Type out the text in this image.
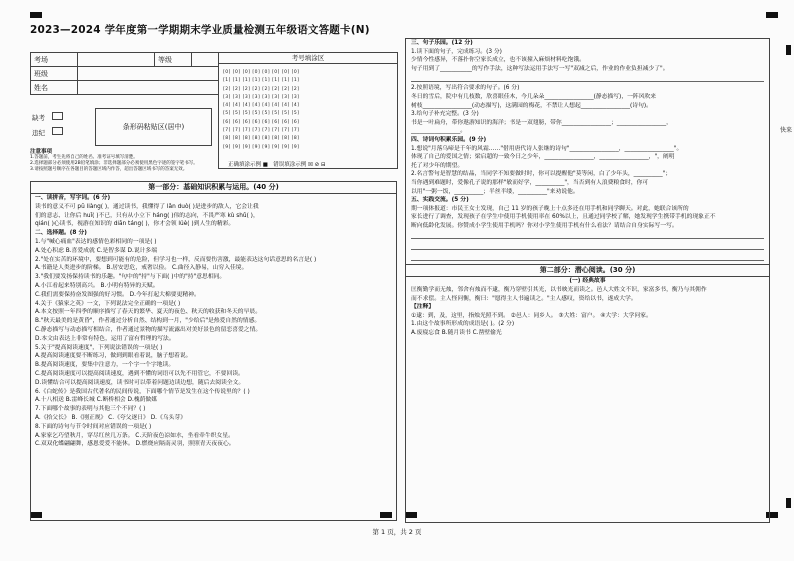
2023—2024 学年度第一学期期末学业质量检测五年级语文答题卡(N)
快来
考场		等级	
班级			
姓名			
缺考
违纪
条形码粘贴区(居中)
考号填涂区
[0] [0] [0] [0] [0] [0] [0] [0]
[1] [1] [1] [1] [1] [1] [1] [1]
[2] [2] [2] [2] [2] [2] [2] [2]
[3] [3] [3] [3] [3] [3] [3] [3]
[4] [4] [4] [4] [4] [4] [4] [4]
[5] [5] [5] [5] [5] [5] [5] [5]
[6] [6] [6] [6] [6] [6] [6] [6]
[7] [7] [7] [7] [7] [7] [7] [7]
[8] [8] [8] [8] [8] [8] [8] [8]
[9] [9] [9] [9] [9] [9] [9] [9]
注意事项
1.答题前，考生先将自己的姓名、准考证号填写清楚。
2.选择题部分必须使用2B铅笔填涂；非选择题部分必须使用黑色字迹的签字笔书写。
3.请按照题号顺序在各题目的答题区域内作答，超出答题区域书写的答案无效。
正确填涂示例 ■   错误填涂示例 ☒ ⊘ ⊟
第一部分：基础知识积累与运用。(40 分)
一、读拼音，写字词。(6 分)
读书的意义不可 pū liàng( )，通过读书，我懂得了 lǎn duò( )是进步的敌人，它会让我
们的意志、让你后 huǐ( )不已，只有从小立下 háng( )伟的志向，不畏严寒 kù shǔ( )，
qián( )心读书，视游在知识的 diān táng( )，你才会领 lüè( )到人生的精彩。
二、选择题。(8 分)
1.与"喊心痛血"表达的感情色彩相同的一项是( )
A.处心积虑 B.喜爱成就 C.是智多谋 D.说计多端
2."处在实苦的环境中，要想到可能有的危险，但学习也一样，反而要伤害激，最能表达这句话意思的名言是( )
A.书籍是人类进步的阶梯。 B.居安思危，戒奢以俭。 C.曲径入静易，山穷入佳境。
3."我们要发扬保持读书的乐趣。"句中的"持"与下面( )中的"持"意思相同。
A.小江看起来特别高兴。 B.小明有特异的天赋。
C.我们需要保持奋发图强的好习惯。 D.今年打起大棉要更精神。
4.关于《猿家之英》一文，下列说法完全正确的一项是( )
A.本文按照一年四季的顺序描写了春天的繁华、夏天的夜色、秋天的收获和冬天的早晨。
B."秋天最美的是黄昏"，作者通过分析自然、结构到一月，"少给后"是热爱自然的情感。
C.静态描写与动态描写相结合，作者通过景物的描写流露出对美好景色的留恋喜爱之情。
D.本文由表达上非常有特色，运用了富有哲理的写法。
5.关于"提高阅读速度"，下列说法错误的一项是( )
A.提高阅读速度要不断练习，做到到眼看着说，脑子想着说。
B.提高阅读速度，要集中注意力，一个字一个字地读。
C.提高阅读速度可以提高阅读速度，遇到不懂的词语可以先不用管它，不要回读。
D.读懂结合可以提高阅读速度，读书时可以带着问题边读边想，随后去阅读全文。
6.《白蛇传》是我国古代著名的民间传说，下面哪个情节是发生在这个传说里的？( )
A.十八相送 B.雷峰长城 C.断桥相会 D.槐荫做媒
7.下面哪个故事的表明与其他三个不同？( )
A.《拾父长》 B.《刚正规》 C.《夸父逐日》 D.《乌头芽》
8.下面的诗句与节令时间对应错误的一项是( )
A.家家乞巧望秋月，穿尽红丝几万条。 C.天阶夜色凉如水，坐看牵牛织女星。
C.双双化蝶翩翩舞，感恩爱爱不能休。 D.燃烧应隔南灵羽，照照青天夜夜心。
三、句子乐园。(12 分)
1.读下面的句子，完成练习。(3 分)
少情今性感异，不落扑你空家长成立，也不该撞入麻烦材料吃饱饿。
句子用到了___________的写作手法，这种写法运用手法写一写"双减之后，作业的作业负担减少了"。
2.按照语境，写出符合要求的句子。(6 分)
冬日的雪后，院中有几枝数，欣喜眼佳木，今几朵朵_________________(静态描写)，一阵风吹来
树枝_________________(动态描写)，这满园的梅花，不禁让人想起_________________(诗句)。
3.给句子补充完整。(3 分)
书是一叶扁舟，带你遨游知识的海洋；书是一双翅膀，带你_________________；_________________，
_________________。
四、诗词句积累乐园。(9 分)
1.想说"月落乌啼是千年的风霜……"借用唐代诗人张继的诗句"_________________，_________________"。
体现了自己的爱国之情；梁启超的一致今日之少年，_________________，_________________，"，阐明
托了对少年的期望。
2.名言警句是智慧的结晶，当同学不知要做时时，你可以提醒他"莫等闲，白了少年头，__________"；
当你遇到难题时，爱像孔子说的那样"敏而好学，__________"，当否到有人浪费粮食时，你可
以用"一粥一饭，__________；半丝半缕，__________"来劝说他。
五、实践交流。(5 分)
期一项体报道：市民王女士发现，自己 11 岁的孩子晚上十点多还在用手机和同学聊天。对此，她联合该所的
家长进行了调查，发现孩子在学生中使用手机使用率在 60%以上，且通过同学校了解，她发现学生携带手机的现象正不
断向低龄化发展。你赞成小学生使用手机吗？你对小学生使用手机有什么看法？请结合自身实际写一写。
第二部分：潜心阅读。(30 分)
(一) 经典故事
匡衡勤学而无烛，邻舍有烛而不逮，衡乃穿壁引其光，以书映光而读之。邑人大姓文不识，家富多书，衡乃与其佣作
而不求偿。主人怪问衡，衡曰："愿得主人书遍读之。"主人感叹，资给以书，遂成大学。
【注释】
①逮：到，及，这里，指烛光照不到。 ②邑人：同乡人。 ③大姓：富户。 ④大学：大学问家。
1.由这个故事所形成的成语是( )。(2 分)
A.废寝忘食 B.随月读书 C.凿壁偷光
第 1 页，共 2 页
